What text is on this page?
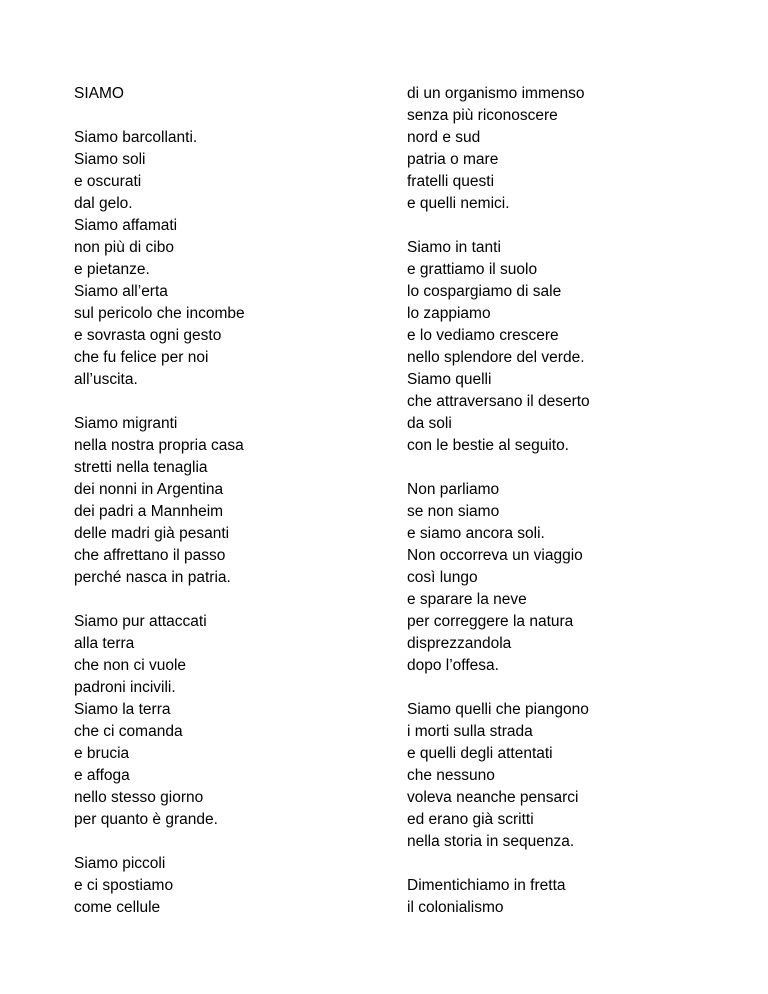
SIAMO
Siamo barcollanti.
Siamo soli
e oscurati
dal gelo.
Siamo affamati
non più di cibo
e pietanze.
Siamo all’erta
sul pericolo che incombe
e sovrasta ogni gesto
che fu felice per noi
all’uscita.
Siamo migranti
nella nostra propria casa
stretti nella tenaglia
dei nonni in Argentina
dei padri a Mannheim
delle madri già pesanti
che affrettano il passo
perché nasca in patria.
Siamo pur attaccati
alla terra
che non ci vuole
padroni incivili.
Siamo la terra
che ci comanda
e brucia
e affoga
nello stesso giorno
per quanto è grande.
Siamo piccoli
e ci spostiamo
come cellule
di un organismo immenso
senza più riconoscere
nord e sud
patria o mare
fratelli questi
e quelli nemici.
Siamo in tanti
e grattiamo il suolo
lo cospargiamo di sale
lo zappiamo
e lo vediamo crescere
nello splendore del verde.
Siamo quelli
che attraversano il deserto
da soli
con le bestie al seguito.
Non parliamo
se non siamo
e siamo ancora soli.
Non occorreva un viaggio
così lungo
e sparare la neve
per correggere la natura
disprezzandola
dopo l’offesa.
Siamo quelli che piangono
i morti sulla strada
e quelli degli attentati
che nessuno
voleva neanche pensarci
ed erano già scritti
nella storia in sequenza.
Dimentichiamo in fretta
il colonialismo
